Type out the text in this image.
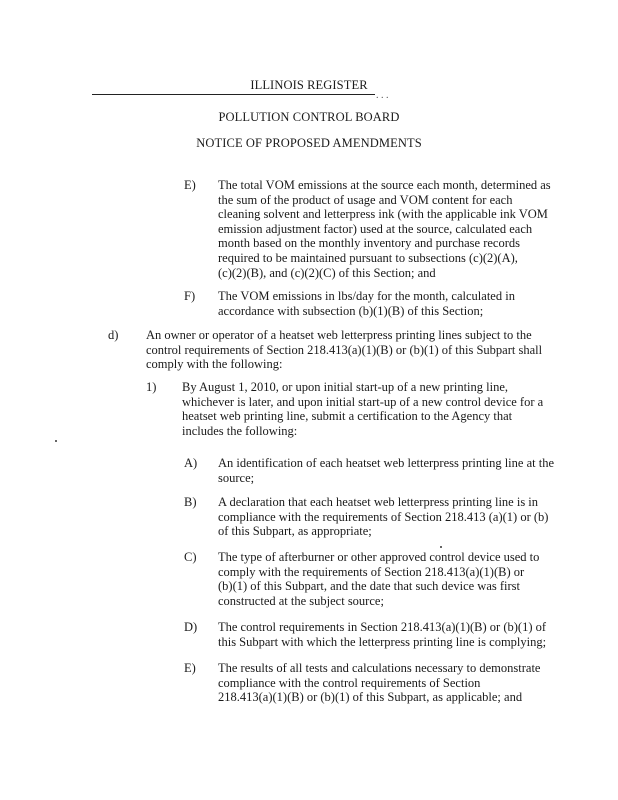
ILLINOIS REGISTER
. . .
POLLUTION CONTROL BOARD
NOTICE OF PROPOSED AMENDMENTS
E) The total VOM emissions at the source each month, determined as
the sum of the product of usage and VOM content for each
cleaning solvent and letterpress ink (with the applicable ink VOM
emission adjustment factor) used at the source, calculated each
month based on the monthly inventory and purchase records
required to be maintained pursuant to subsections (c)(2)(A),
(c)(2)(B), and (c)(2)(C) of this Section; and
F) The VOM emissions in lbs/day for the month, calculated in
accordance with subsection (b)(1)(B) of this Section;
d) An owner or operator of a heatset web letterpress printing lines subject to the
control requirements of Section 218.413(a)(1)(B) or (b)(1) of this Subpart shall
comply with the following:
1) By August 1, 2010, or upon initial start-up of a new printing line,
whichever is later, and upon initial start-up of a new control device for a
heatset web printing line, submit a certification to the Agency that
includes the following:
A) An identification of each heatset web letterpress printing line at the
source;
B) A declaration that each heatset web letterpress printing line is in
compliance with the requirements of Section 218.413 (a)(1) or (b)
of this Subpart, as appropriate;
C) The type of afterburner or other approved control device used to
comply with the requirements of Section 218.413(a)(1)(B) or
(b)(1) of this Subpart, and the date that such device was first
constructed at the subject source;
D) The control requirements in Section 218.413(a)(1)(B) or (b)(1) of
this Subpart with which the letterpress printing line is complying;
E) The results of all tests and calculations necessary to demonstrate
compliance with the control requirements of Section
218.413(a)(1)(B) or (b)(1) of this Subpart, as applicable; and
